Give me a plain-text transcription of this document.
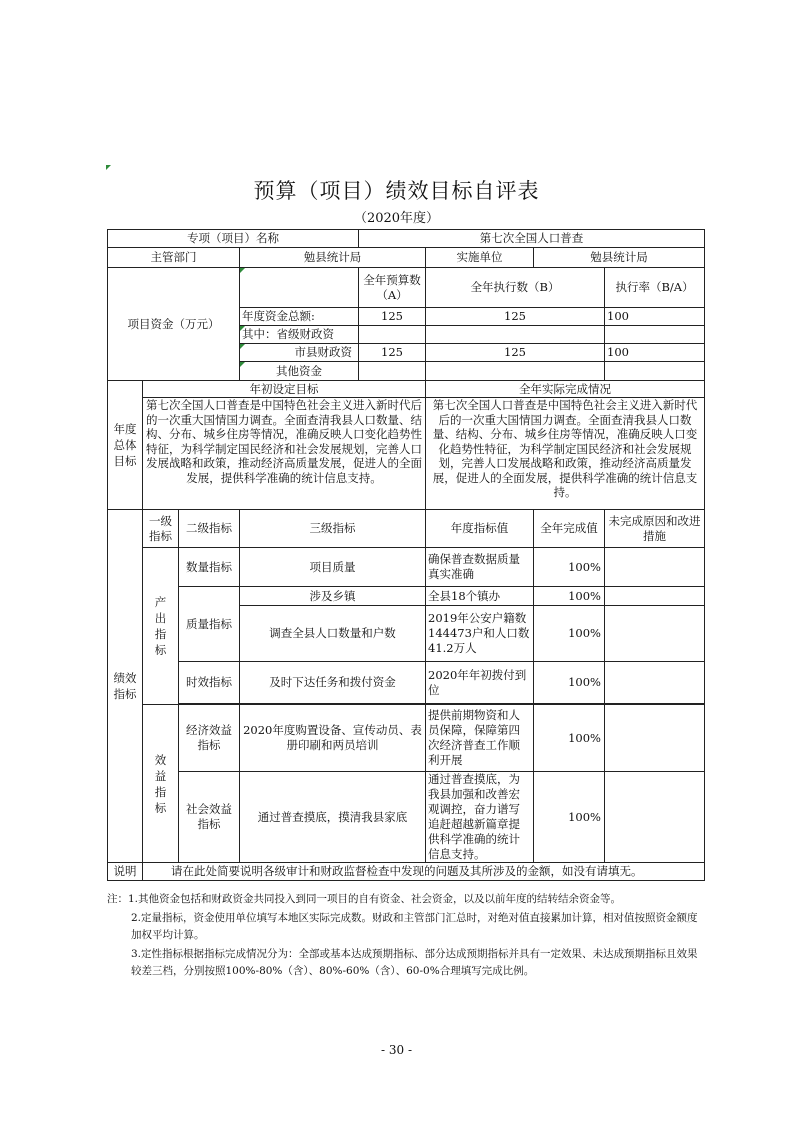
预算（项目）绩效目标自评表
（2020年度）
专项（项目）名称				第七次全国人口普查			
主管部门			勉县统计局		实施单位	勉县统计局	
项目资金（万元）				全年预算数（A）	全年执行数（B）		执行率（B/A）
			年度资金总额:	125	125		100
			其中：省级财政资				
			市县财政资	125	125		100
			其他资金				
年度总体目标	年初设定目标				全年实际完成情况		
	第七次全国人口普查是中国特色社会主义进入新时代后的一次重大国情国力调查。全面查清我县人口数量、结构、分布、城乡住房等情况，准确反映人口变化趋势性特征，为科学制定国民经济和社会发展规划，完善人口发展战略和政策，推动经济高质量发展，促进人的全面发展，提供科学准确的统计信息支持。				第七次全国人口普查是中国特色社会主义进入新时代后的一次重大国情国力调查。全面查清我县人口数量、结构、分布、城乡住房等情况，准确反映人口变化趋势性特征，为科学制定国民经济和社会发展规划，完善人口发展战略和政策，推动经济高质量发展，促进人的全面发展，提供科学准确的统计信息支持。		
绩效指标	一级指标	二级指标	三级指标		年度指标值	全年完成值	未完成原因和改进措施
	产出指标	数量指标	项目质量		确保普查数据质量真实准确	100%	
		质量指标	涉及乡镇		全县18个镇办	100%	
			调查全县人口数量和户数		2019年公安户籍数144473户和人口数41.2万人	100%	
		时效指标	及时下达任务和拨付资金		2020年年初拨付到位	100%	

	效益指标	经济效益指标	2020年度购置设备、宣传动员、表册印刷和两员培训		提供前期物资和人员保障，保障第四次经济普查工作顺利开展	100%	
		社会效益指标	通过普查摸底，摸清我县家底		通过普查摸底，为我县加强和改善宏观调控，奋力谱写追赶超越新篇章提供科学准确的统计信息支持。	100%	
说明	请在此处简要说明各级审计和财政监督检查中发现的问题及其所涉及的金额，如没有请填无。						

注：1.其他资金包括和财政资金共同投入到同一项目的自有资金、社会资金，以及以前年度的结转结余资金等。

2.定量指标，资金使用单位填写本地区实际完成数。财政和主管部门汇总时，对绝对值直接累加计算，相对值按照资金额度加权平均计算。

3.定性指标根据指标完成情况分为：全部或基本达成预期指标、部分达成预期指标并具有一定效果、未达成预期指标且效果较差三档，分别按照100%-80%（含）、80%-60%（含）、60-0%合理填写完成比例。

- 30 -
